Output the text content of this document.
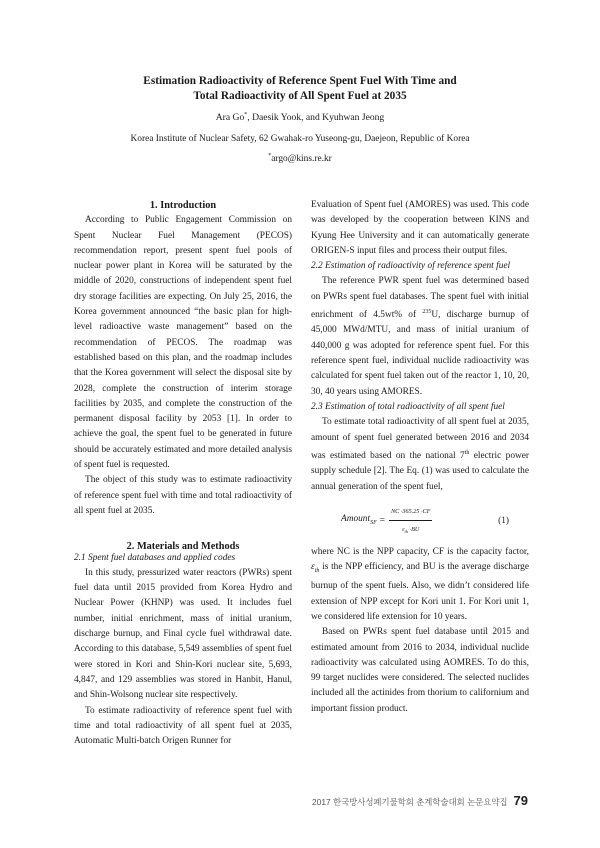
Estimation Radioactivity of Reference Spent Fuel With Time and
Total Radioactivity of All Spent Fuel at 2035
Ara Go*, Daesik Yook, and Kyuhwan Jeong
Korea Institute of Nuclear Safety, 62 Gwahak-ro Yuseong-gu, Daejeon, Republic of Korea
*argo@kins.re.kr

1. Introduction

According to Public Engagement Commission on Spent Nuclear Fuel Management (PECOS) recommendation report, present spent fuel pools of nuclear power plant in Korea will be saturated by the middle of 2020, constructions of independent spent fuel dry storage facilities are expecting. On July 25, 2016, the Korea government announced “the basic plan for high-level radioactive waste management” based on the recommendation of PECOS. The roadmap was established based on this plan, and the roadmap includes that the Korea government will select the disposal site by 2028, complete the construction of interim storage facilities by 2035, and complete the construction of the permanent disposal facility by 2053 [1]. In order to achieve the goal, the spent fuel to be generated in future should be accurately estimated and more detailed analysis of spent fuel is requested.

The object of this study was to estimate radioactivity of reference spent fuel with time and total radioactivity of all spent fuel at 2035.

2. Materials and Methods

2.1 Spent fuel databases and applied codes

In this study, pressurized water reactors (PWRs) spent fuel data until 2015 provided from Korea Hydro and Nuclear Power (KHNP) was used. It includes fuel number, initial enrichment, mass of initial uranium, discharge burnup, and Final cycle fuel withdrawal date. According to this database, 5,549 assemblies of spent fuel were stored in Kori and Shin-Kori nuclear site, 5,693, 4,847, and 129 assemblies was stored in Hanbit, Hanul, and Shin-Wolsong nuclear site respectively.

To estimate radioactivity of reference spent fuel with time and total radioactivity of all spent fuel at 2035, Automatic Multi-batch Origen Runner for

Evaluation of Spent fuel (AMORES) was used. This code was developed by the cooperation between KINS and Kyung Hee University and it can automatically generate ORIGEN-S input files and process their output files.

2.2 Estimation of radioactivity of reference spent fuel

The reference PWR spent fuel was determined based on PWRs spent fuel databases. The spent fuel with initial enrichment of 4.5wt% of $^{235}$U, discharge burnup of 45,000 MWd/MTU, and mass of initial uranium of 440,000 g was adopted for reference spent fuel. For this reference spent fuel, individual nuclide radioactivity was calculated for spent fuel taken out of the reactor 1, 10, 20, 30, 40 years using AMORES.

2.3 Estimation of total radioactivity of all spent fuel

To estimate total radioactivity of all spent fuel at 2035, amount of spent fuel generated between 2016 and 2034 was estimated based on the national 7th electric power supply schedule [2]. The Eq. (1) was used to calculate the annual generation of the spent fuel,

Amount$_{SF}$ = $\frac{NC \cdot 365.25 \cdot CF}{\varepsilon_{th} \cdot BU}$	(1)

where NC is the NPP capacity, CF is the capacity factor, $\varepsilon_{th}$ is the NPP efficiency, and BU is the average discharge burnup of the spent fuels. Also, we didn’t considered life extension of NPP except for Kori unit 1. For Kori unit 1, we considered life extension for 10 years.

Based on PWRs spent fuel database until 2015 and estimated amount from 2016 to 2034, individual nuclide radioactivity was calculated using AOMRES. To do this, 99 target nuclides were considered. The selected nuclides included all the actinides from thorium to californium and important fission product.

2017 한국방사성폐기물학회 춘계학술대회 논문요약집 79
